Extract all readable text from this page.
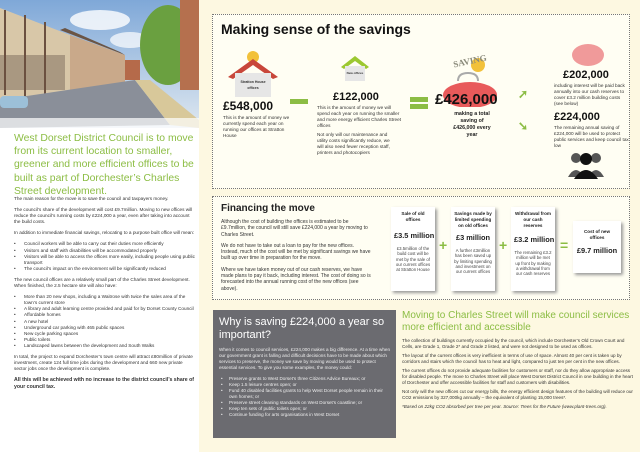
West Dorset District Council is to move from its current location to smaller, greener and more efficient offices to be built as part of Dorchester’s Charles Street development.

The main reason for the move is to save the council and taxpayers money.

The council’s share of the development will cost £9.7million. Moving to new offices will reduce the council’s running costs by £224,000 a year, even after taking into account the build costs.

In addition to immediate financial savings, relocating to a purpose built office will mean:

• Council workers will be able to carry out their duties more efficiently
• Visitors and staff with disabilities will be accommodated properly
• Visitors will be able to access the offices more easily, including people using public transport
• The council’s impact on the environment will be significantly reduced

The new council offices are a relatively small part of the Charles Street development. When finished, the 2.5 hectare site will also have:

• More than 20 new shops, including a Waitrose with twice the sales area of the town’s current store
• A library and adult learning centre provided and paid for by Dorset County Council
• Affordable homes
• A new hotel
• Underground car parking with 465 public spaces
• New cycle parking spaces
• Public toilets
• Landscaped lawns between the development and South Walks

In total, the project to expand Dorchester’s town centre will attract £80million of private investment, create 124 full time jobs during the development and 660 new private sector jobs once the development is complete.

All this will be achieved with no increase to the district council’s share of your council tax.

Making sense of the savings
Stratton House offices
£548,000
This is the amount of money we currently spend each year on running our offices at Stratton House
New offices
£122,000
This is the amount of money we will spend each year on running the smaller and more energy efficient Charles Street offices
Not only will our maintenance and utility costs significantly reduce, we will also need fewer reception staff, printers and photocopiers
SAVING
£426,000
making a total saving of £426,000 every year
➚
➘
£202,000
including interest will be paid back annually into our cash reserves to cover £3.2 million building costs (see below)
£224,000
The remaining annual saving of £224,000 will be used to protect public services and keep council tax low
Financing the move

Although the cost of building the offices is estimated to be £9.7million, the council will still save £224,000 a year by moving to Charles Street.

We do not have to take out a loan to pay for the new offices. Instead, much of the cost will be met by significant savings we have built up over time in preparation for the move.

Where we have taken money out of our cash reserves, we have made plans to pay it back, including interest. The cost of doing so is forecasted into the annual running cost of the new offices (see above).

Sale of old offices
£3.5 million
£3.5million of the build cost will be met by the sale of our current offices at Stratton House
+
Savings made by limited spending on old offices
£3 million
A further £3million has been saved up by limiting spending and investment on our current offices
+
Withdrawal from our cash reserves
£3.2 million
The remaining £3.2 million will be met up front by making a withdrawal from our cash reserves
=
Cost of new offices
£9.7 million
Why is saving £224,000 a year so important?

When it comes to council services, £224,000 makes a big difference. At a time when our government grant is falling and difficult decisions have to be made about which services to preserve, the money we save by moving would be used to protect essential services. To give you some examples, the money could:

• Preserve grants to West Dorset’s three Citizens Advice Bureaux; or
• Keep 1.5 leisure centres open; or
• Fund 40 disabled facilities grants to help West Dorset people remain in their own homes; or
• Preserve street cleaning standards on West Dorset’s coastline; or
• Keep ten sets of public toilets open; or
• Continue funding for arts organisations in West Dorset
Moving to Charles Street will make council services more efficient and accessible

The collection of buildings currently occupied by the council, which include Dorchester’s Old Crown Court and Cells, are Grade 1, Grade 2* and Grade 2 listed, and were not designed to be used as offices.

The layout of the current offices is very inefficient in terms of use of space. Almost 40 per cent is taken up by corridors and stairs which the council has to heat and light, compared to just ten per cent in the new offices.

The current offices do not provide adequate facilities for customers or staff, nor do they allow appropriate access for disabled people. The move to Charles Street will place West Dorset District Council in one building in the heart of Dorchester and offer accessible facilities for staff and customers with disabilities.

Not only will the new offices cut our energy bills, the energy efficient design features of the building will reduce our CO2 emissions by 327,000kg annually – the equivalent of planting 15,000 trees*.

*Based on 22kg CO2 absorbed per tree per year. Source: Trees for the Future (www.plant-trees.org).
